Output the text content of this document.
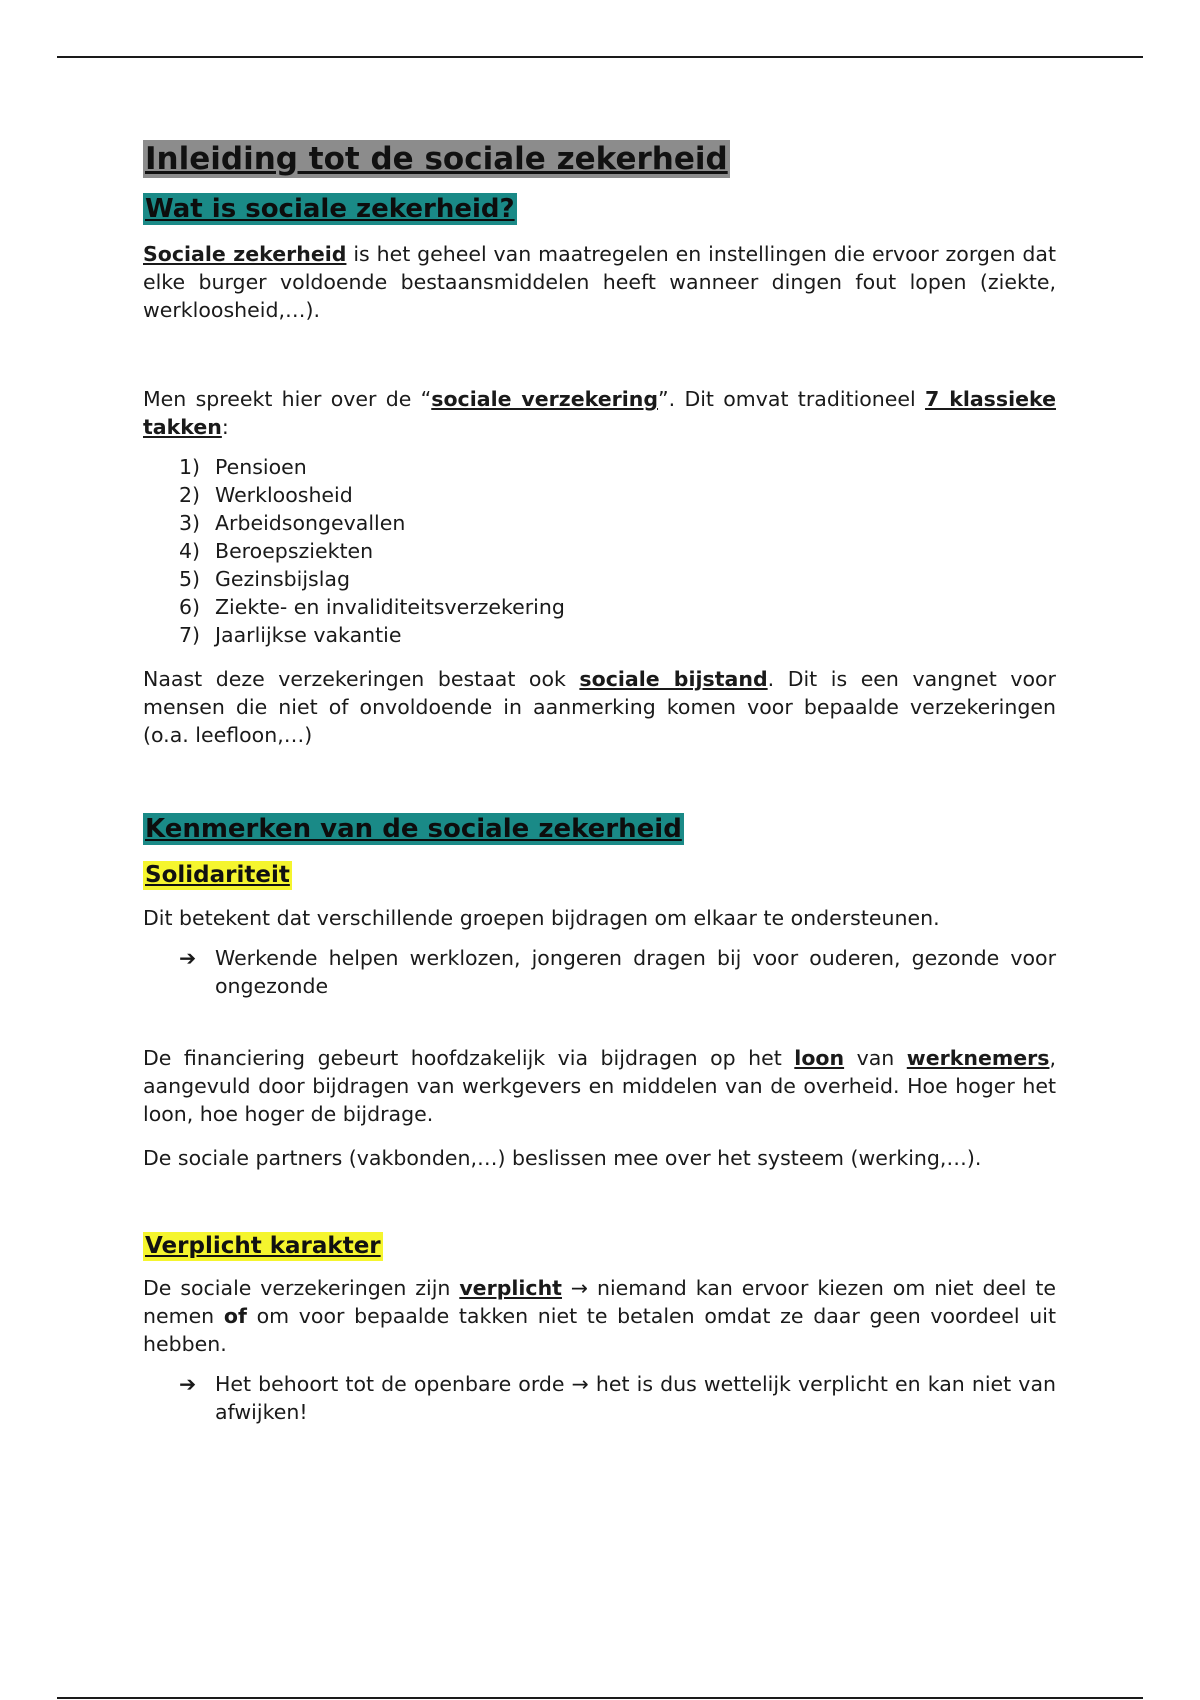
Inleiding tot de sociale zekerheid
Wat is sociale zekerheid?

Sociale zekerheid is het geheel van maatregelen en instellingen die ervoor zorgen dat elke burger voldoende bestaansmiddelen heeft wanneer dingen fout lopen (ziekte, werkloosheid,…).

Men spreekt hier over de “sociale verzekering”. Dit omvat traditioneel 7 klassieke takken:

1) Pensioen
2) Werkloosheid
3) Arbeidsongevallen
4) Beroepsziekten
5) Gezinsbijslag
6) Ziekte- en invaliditeitsverzekering
7) Jaarlijkse vakantie

Naast deze verzekeringen bestaat ook sociale bijstand. Dit is een vangnet voor mensen die niet of onvoldoende in aanmerking komen voor bepaalde verzekeringen (o.a. leefloon,…)

Kenmerken van de sociale zekerheid
Solidariteit

Dit betekent dat verschillende groepen bijdragen om elkaar te ondersteunen.

➔ Werkende helpen werklozen, jongeren dragen bij voor ouderen, gezonde voor ongezonde

De financiering gebeurt hoofdzakelijk via bijdragen op het loon van werknemers, aangevuld door bijdragen van werkgevers en middelen van de overheid. Hoe hoger het loon, hoe hoger de bijdrage.

De sociale partners (vakbonden,…) beslissen mee over het systeem (werking,…).

Verplicht karakter

De sociale verzekeringen zijn verplicht → niemand kan ervoor kiezen om niet deel te nemen of om voor bepaalde takken niet te betalen omdat ze daar geen voordeel uit hebben.

➔ Het behoort tot de openbare orde → het is dus wettelijk verplicht en kan niet van afwijken!
